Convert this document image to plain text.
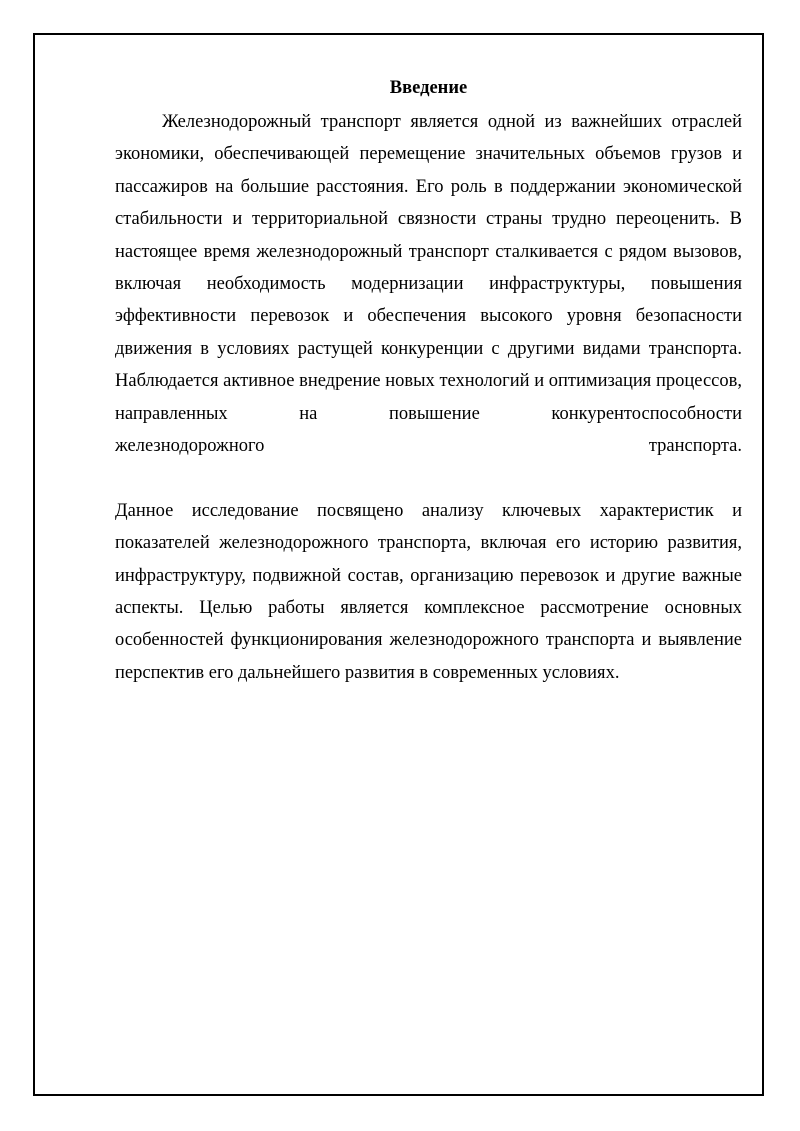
Введение

Железнодорожный транспорт является одной из важнейших отраслей экономики, обеспечивающей перемещение значительных объемов грузов и пассажиров на большие расстояния. Его роль в поддержании экономической стабильности и территориальной связности страны трудно переоценить. В настоящее время железнодорожный транспорт сталкивается с рядом вызовов, включая необходимость модернизации инфраструктуры, повышения эффективности перевозок и обеспечения высокого уровня безопасности движения в условиях растущей конкуренции с другими видами транспорта. Наблюдается активное внедрение новых технологий и оптимизация процессов, направленных на повышение конкурентоспособности

железнодорожного	транспорта.

Данное исследование посвящено анализу ключевых характеристик и показателей железнодорожного транспорта, включая его историю развития, инфраструктуру, подвижной состав, организацию перевозок и другие важные аспекты. Целью работы является комплексное рассмотрение основных особенностей функционирования железнодорожного транспорта и выявление перспектив его дальнейшего развития в современных условиях.
